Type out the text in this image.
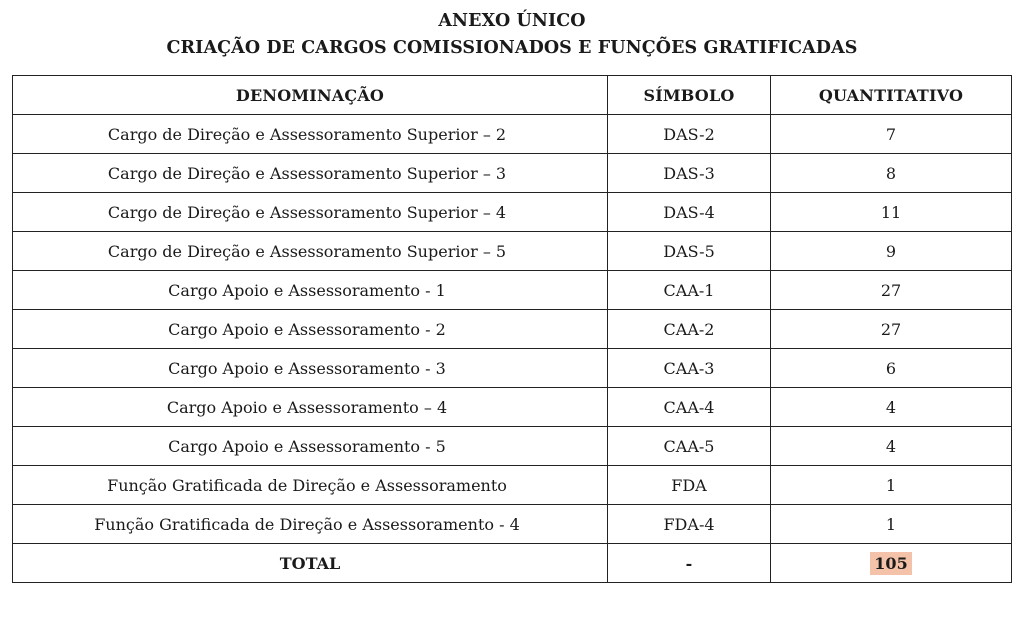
ANEXO ÚNICO
CRIAÇÃO DE CARGOS COMISSIONADOS E FUNÇÕES GRATIFICADAS
DENOMINAÇÃO	SÍMBOLO	QUANTITATIVO
Cargo de Direção e Assessoramento Superior – 2	DAS-2	7
Cargo de Direção e Assessoramento Superior – 3	DAS-3	8
Cargo de Direção e Assessoramento Superior – 4	DAS-4	11
Cargo de Direção e Assessoramento Superior – 5	DAS-5	9
Cargo Apoio e Assessoramento - 1	CAA-1	27
Cargo Apoio e Assessoramento - 2	CAA-2	27
Cargo Apoio e Assessoramento - 3	CAA-3	6
Cargo Apoio e Assessoramento – 4	CAA-4	4
Cargo Apoio e Assessoramento - 5	CAA-5	4
Função Gratificada de Direção e Assessoramento	FDA	1
Função Gratificada de Direção e Assessoramento - 4	FDA-4	1
TOTAL	-	105
